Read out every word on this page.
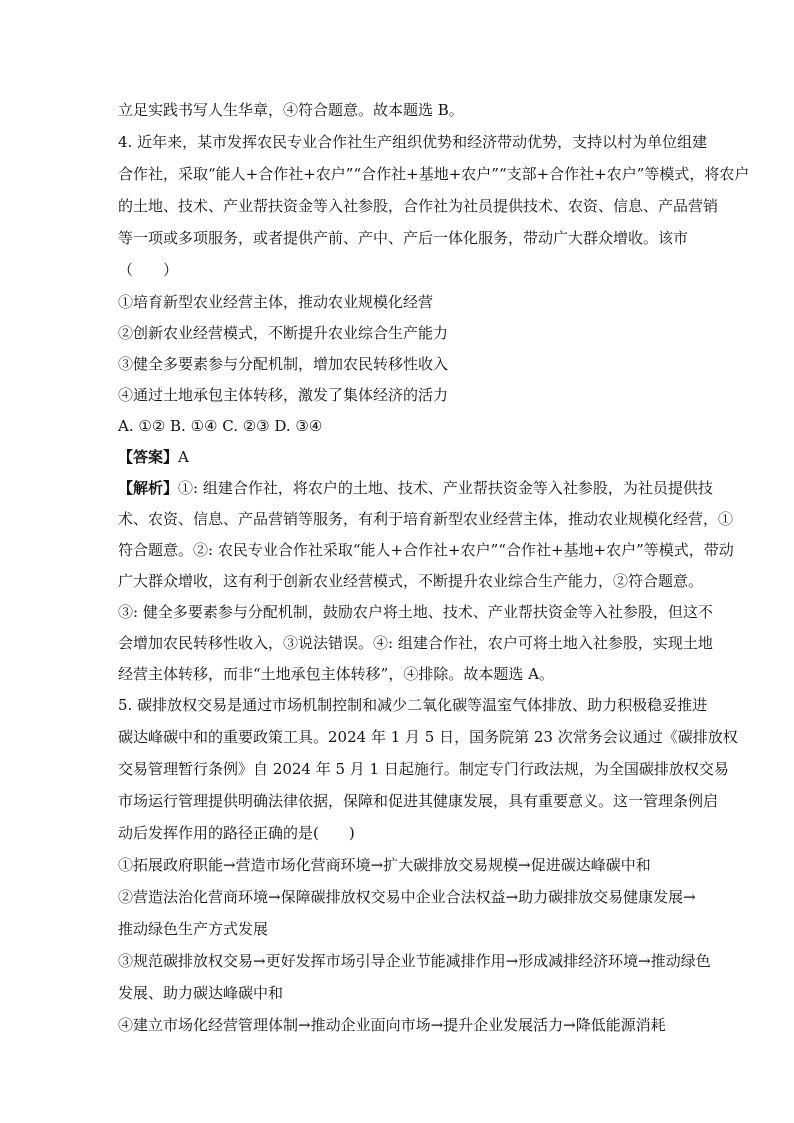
立足实践书写人生华章，④符合题意。故本题选 B。
4. 近年来，某市发挥农民专业合作社生产组织优势和经济带动优势，支持以村为单位组建
合作社，采取“能人+合作社+农户”“合作社+基地+农户”“支部+合作社+农户”等模式，将农户
的土地、技术、产业帮扶资金等入社参股，合作社为社员提供技术、农资、信息、产品营销
等一项或多项服务，或者提供产前、产中、产后一体化服务，带动广大群众增收。该市
（　　）
①培育新型农业经营主体，推动农业规模化经营
②创新农业经营模式，不断提升农业综合生产能力
③健全多要素参与分配机制，增加农民转移性收入
④通过土地承包主体转移，激发了集体经济的活力
A. ①② B. ①④ C. ②③ D. ③④
【答案】A
【解析】①: 组建合作社，将农户的土地、技术、产业帮扶资金等入社参股，为社员提供技
术、农资、信息、产品营销等服务，有利于培育新型农业经营主体，推动农业规模化经营，①
符合题意。②: 农民专业合作社采取“能人+合作社+农户”“合作社+基地+农户”等模式，带动
广大群众增收，这有利于创新农业经营模式，不断提升农业综合生产能力，②符合题意。
③: 健全多要素参与分配机制，鼓励农户将土地、技术、产业帮扶资金等入社参股，但这不
会增加农民转移性收入，③说法错误。④: 组建合作社，农户可将土地入社参股，实现土地
经营主体转移，而非“土地承包主体转移”，④排除。故本题选 A。
5. 碳排放权交易是通过市场机制控制和减少二氧化碳等温室气体排放、助力积极稳妥推进
碳达峰碳中和的重要政策工具。2024 年 1 月 5 日，国务院第 23 次常务会议通过《碳排放权
交易管理暂行条例》自 2024 年 5 月 1 日起施行。制定专门行政法规，为全国碳排放权交易
市场运行管理提供明确法律依据，保障和促进其健康发展，具有重要意义。这一管理条例启
动后发挥作用的路径正确的是(　　)
①拓展政府职能→营造市场化营商环境→扩大碳排放交易规模→促进碳达峰碳中和
②营造法治化营商环境→保障碳排放权交易中企业合法权益→助力碳排放交易健康发展→
推动绿色生产方式发展
③规范碳排放权交易→更好发挥市场引导企业节能减排作用→形成减排经济环境→推动绿色
发展、助力碳达峰碳中和
④建立市场化经营管理体制→推动企业面向市场→提升企业发展活力→降低能源消耗
